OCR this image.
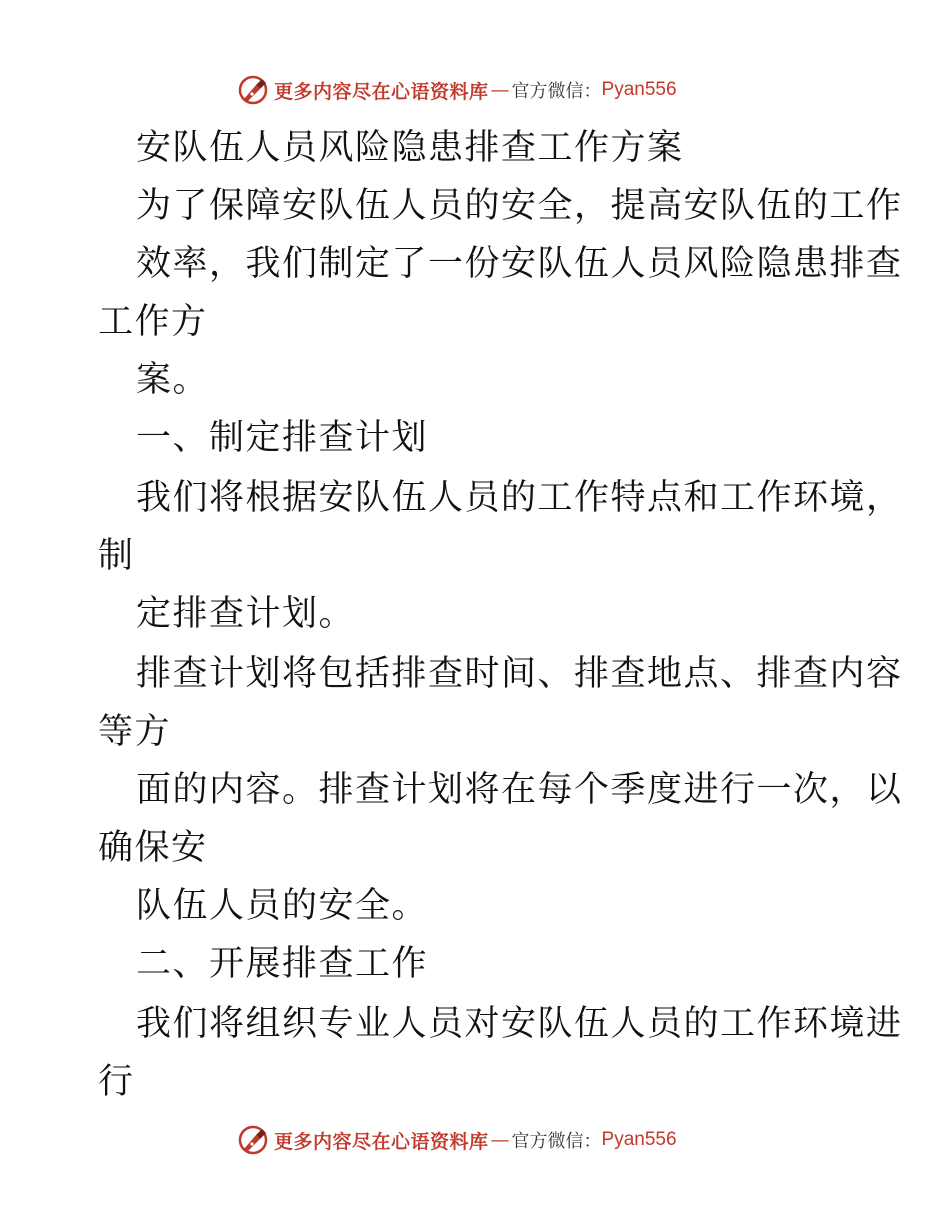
更多内容尽在心语资料库 — 官方微信： Pyan556

安队伍人员风险隐患排查工作方案

为了保障安队伍人员的安全，提高安队伍的工作

效率，我们制定了一份安队伍人员风险隐患排查

工作方

案。

一、制定排查计划

我们将根据安队伍人员的工作特点和工作环境，

制

定排查计划。

排查计划将包括排查时间、排查地点、排查内容

等方

面的内容。排查计划将在每个季度进行一次，以

确保安

队伍人员的安全。

二、开展排查工作

我们将组织专业人员对安队伍人员的工作环境进

行

更多内容尽在心语资料库 — 官方微信： Pyan556
